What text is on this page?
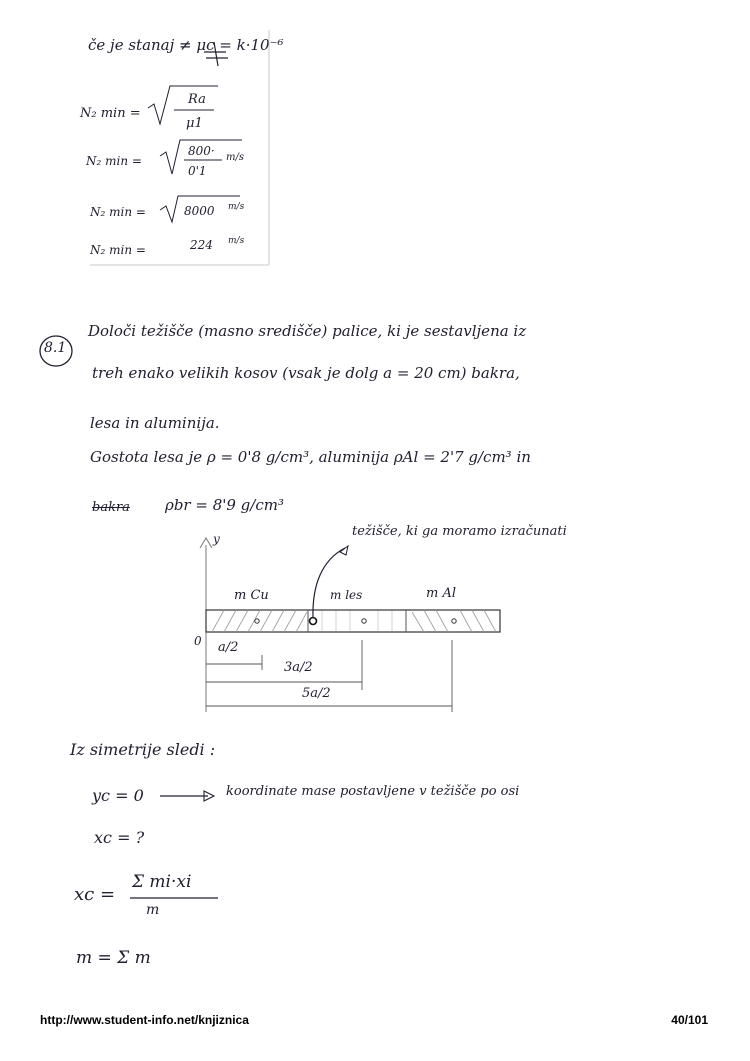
če je stanaj ≠ μc = k·10⁻⁶
N₂ min =
Ra
μ1
N₂ min =
800·
0'1
m/s
N₂ min =	8000 m/s
N₂ min =	224 m/s
8.1
Določi težišče (masno središče) palice, ki je sestavljena iz
treh enako velikih kosov (vsak je dolg a = 20 cm) bakra,
lesa in aluminija.
Gostota lesa je ρ = 0'8 g/cm³, aluminija ρAl = 2'7 g/cm³ in
bakra ρbr = 8'9 g/cm³
y
0
težišče, ki ga moramo izračunati
m Cu	m les	m Al
a/2
3a/2
5a/2
Iz simetrije sledi :
yc = 0	koordinate mase postavljene v težišče po osi
xc = ?
xc =
Σ mi·xi
m
m = Σ m
http://www.student-info.net/knjiznica	40/101
